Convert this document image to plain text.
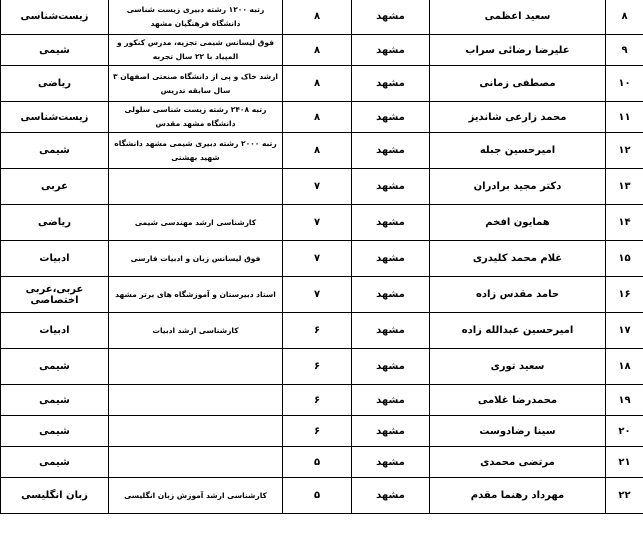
۸	سعید اعظمی	مشهد	۸	رتبه ۱۲۰۰ رشته دبیری زیست شناسی دانشگاه فرهنگیان مشهد	زیست‌شناسی
۹	علیرضا رضائی سراب	مشهد	۸	فوق لیسانس شیمی تجزیه، مدرس کنکور و المپیاد با ۲۲ سال تجربه	شیمی
۱۰	مصطفی زمانی	مشهد	۸	ارشد خاک و پی از دانشگاه صنعتی اصفهان ۳ سال سابقه تدریس	ریاضی
۱۱	محمد زارعی شاندیز	مشهد	۸	رتبه ۲۴۰۸ رشته زیست شناسی سلولی دانشگاه مشهد مقدس	زیست‌شناسی
۱۲	امیرحسین جبله	مشهد	۸	رتبه ۲۰۰۰ رشته دبیری شیمی مشهد دانشگاه شهید بهشتی	شیمی
۱۳	دکتر مجید برادران	مشهد	۷		عربی
۱۴	همایون افخم	مشهد	۷	کارشناسی ارشد مهندسی شیمی	ریاضی
۱۵	غلام محمد کلیدری	مشهد	۷	فوق لیسانس زبان و ادبیات فارسی	ادبیات
۱۶	حامد مقدس زاده	مشهد	۷	استاد دبیرستان و آموزشگاه های برتر مشهد	عربی،عربی اختصاصی
۱۷	امیرحسین عبدالله زاده	مشهد	۶	کارشناسی ارشد ادبیات	ادبیات
۱۸	سعید توری	مشهد	۶		شیمی
۱۹	محمدرضا غلامی	مشهد	۶		شیمی
۲۰	سینا رضادوست	مشهد	۶		شیمی
۲۱	مرتضی محمدی	مشهد	۵		شیمی
۲۲	مهرداد رهنما مقدم	مشهد	۵	کارشناسی ارشد آموزش زبان انگلیسی	زبان انگلیسی
